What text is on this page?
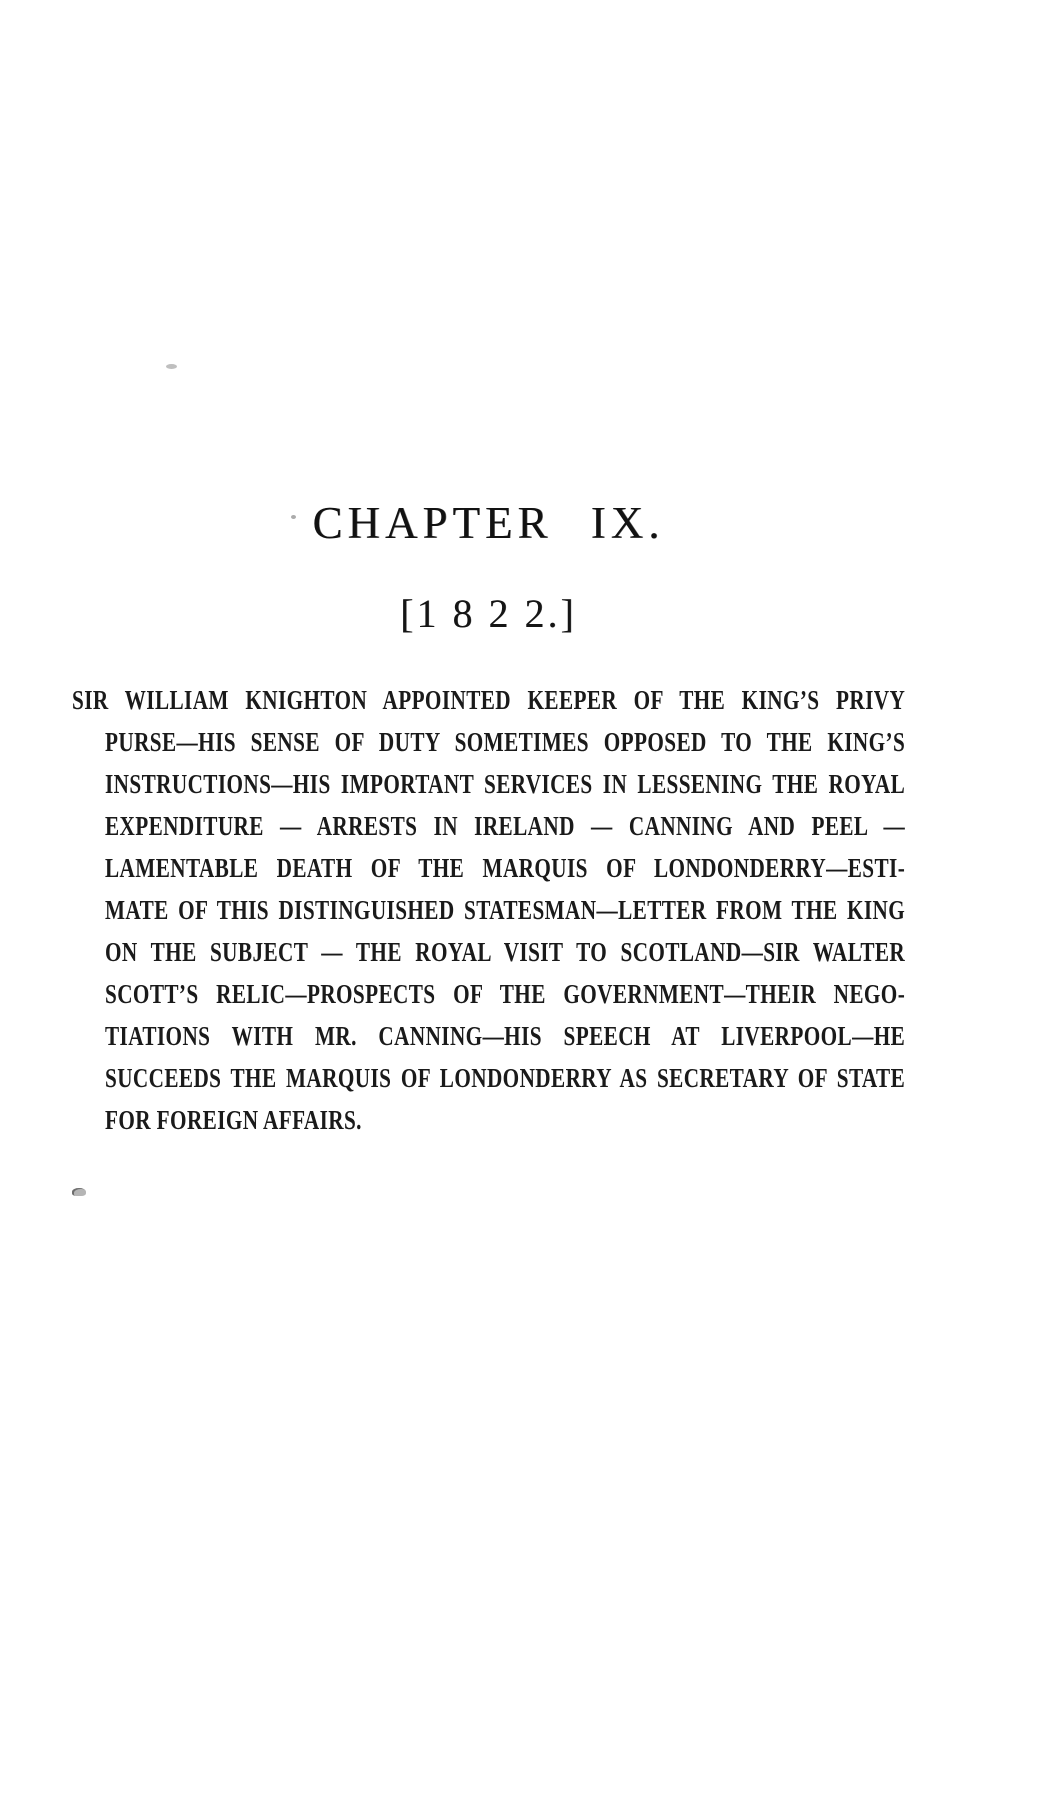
CHAPTER IX.
[1 8 2 2.]
SIR WILLIAM KNIGHTON APPOINTED KEEPER OF THE KING’S PRIVY
PURSE—HIS SENSE OF DUTY SOMETIMES OPPOSED TO THE KING’S
INSTRUCTIONS—HIS IMPORTANT SERVICES IN LESSENING THE ROYAL
EXPENDITURE — ARRESTS IN IRELAND — CANNING AND PEEL —
LAMENTABLE DEATH OF THE MARQUIS OF LONDONDERRY—ESTI-
MATE OF THIS DISTINGUISHED STATESMAN—LETTER FROM THE KING
ON THE SUBJECT — THE ROYAL VISIT TO SCOTLAND—SIR WALTER
SCOTT’S RELIC—PROSPECTS OF THE GOVERNMENT—THEIR NEGO-
TIATIONS WITH MR. CANNING—HIS SPEECH AT LIVERPOOL—HE
SUCCEEDS THE MARQUIS OF LONDONDERRY AS SECRETARY OF STATE
FOR FOREIGN AFFAIRS.
